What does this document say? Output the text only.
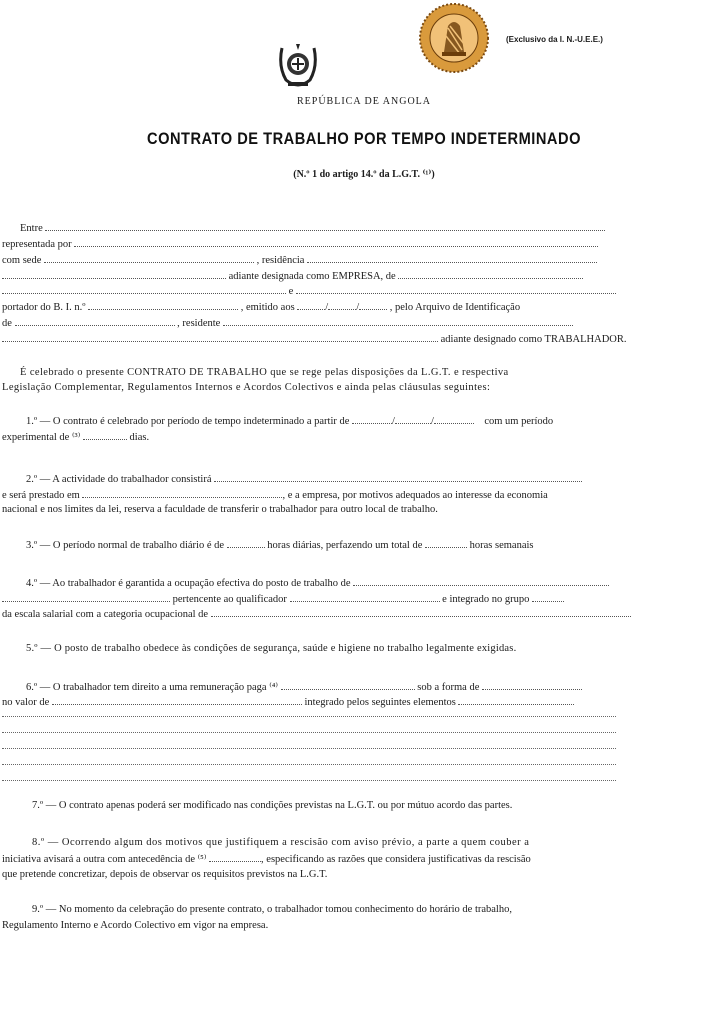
(Exclusivo da I. N.-U.E.E.)
REPÚBLICA DE ANGOLA
CONTRATO DE TRABALHO POR TEMPO INDETERMINADO
(N.º 1 do artigo 14.º da L.G.T. ⁽¹⁾)
Entre
representada por
com sede	, residência
adiante designada como EMPRESA, de
e
portador do B. I. n.º	, emitido aos	/	/	, pelo Arquivo de Identificação
de	, residente
adiante designado como TRABALHADOR.
É celebrado o presente CONTRATO DE TRABALHO que se rege pelas disposições da L.G.T. e respectiva
Legislação Complementar, Regulamentos Internos e Acordos Colectivos e ainda pelas cláusulas seguintes:
1.º — O contrato é celebrado por período de tempo indeterminado a partir de	/	/	com um período
experimental de ⁽³⁾	dias.
2.º — A actividade do trabalhador consistirá
e será prestado em	, e a empresa, por motivos adequados ao interesse da economia
nacional e nos limites da lei, reserva a faculdade de transferir o trabalhador para outro local de trabalho.
3.º — O período normal de trabalho diário é de	horas diárias, perfazendo um total de	horas semanais
4.º — Ao trabalhador é garantida a ocupação efectiva do posto de trabalho de
pertencente ao qualificador	e integrado no grupo
da escala salarial com a categoria ocupacional de
5.º — O posto de trabalho obedece às condições de segurança, saúde e higiene no trabalho legalmente exigidas.
6.º — O trabalhador tem direito a uma remuneração paga ⁽⁴⁾	sob a forma de
no valor de	integrado pelos seguintes elementos
7.º — O contrato apenas poderá ser modificado nas condições previstas na L.G.T. ou por mútuo acordo das partes.
8.º — Ocorrendo algum dos motivos que justifiquem a rescisão com aviso prévio, a parte a quem couber a
iniciativa avisará a outra com antecedência de ⁽⁵⁾	, especificando as razões que considera justificativas da rescisão
que pretende concretizar, depois de observar os requisitos previstos na L.G.T.
9.º — No momento da celebração do presente contrato, o trabalhador tomou conhecimento do horário de trabalho,
Regulamento Interno e Acordo Colectivo em vigor na empresa.
